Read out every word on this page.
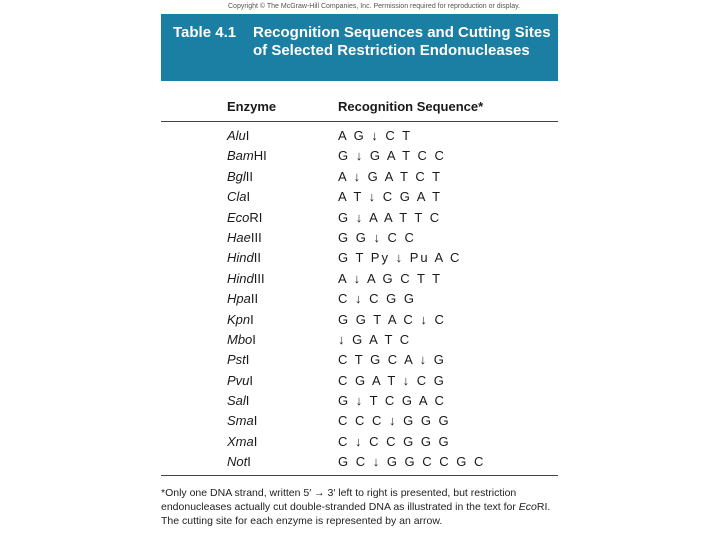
Copyright © The McGraw-Hill Companies, Inc. Permission required for reproduction or display.
Table 4.1 Recognition Sequences and Cutting Sites of Selected Restriction Endonucleases
Enzyme	Recognition Sequence*
AluI	A G ↓ C T
BamHI	G ↓ G A T C C
BglII	A ↓ G A T C T
ClaI	A T ↓ C G A T
EcoRI	G ↓ A A T T C
HaeIII	G G ↓ C C
HindII	G T Py ↓ Pu A C
HindIII	A ↓ A G C T T
HpaII	C ↓ C G G
KpnI	G G T A C ↓ C
MboI	↓ G A T C
PstI	C T G C A ↓ G
PvuI	C G A T ↓ C G
SalI	G ↓ T C G A C
SmaI	C C C ↓ G G G
XmaI	C ↓ C C G G G
NotI	G C ↓ G G C C G C
*Only one DNA strand, written 5′ → 3′ left to right is presented, but restriction endonucleases actually cut double-stranded DNA as illustrated in the text for EcoRI. The cutting site for each enzyme is represented by an arrow.
